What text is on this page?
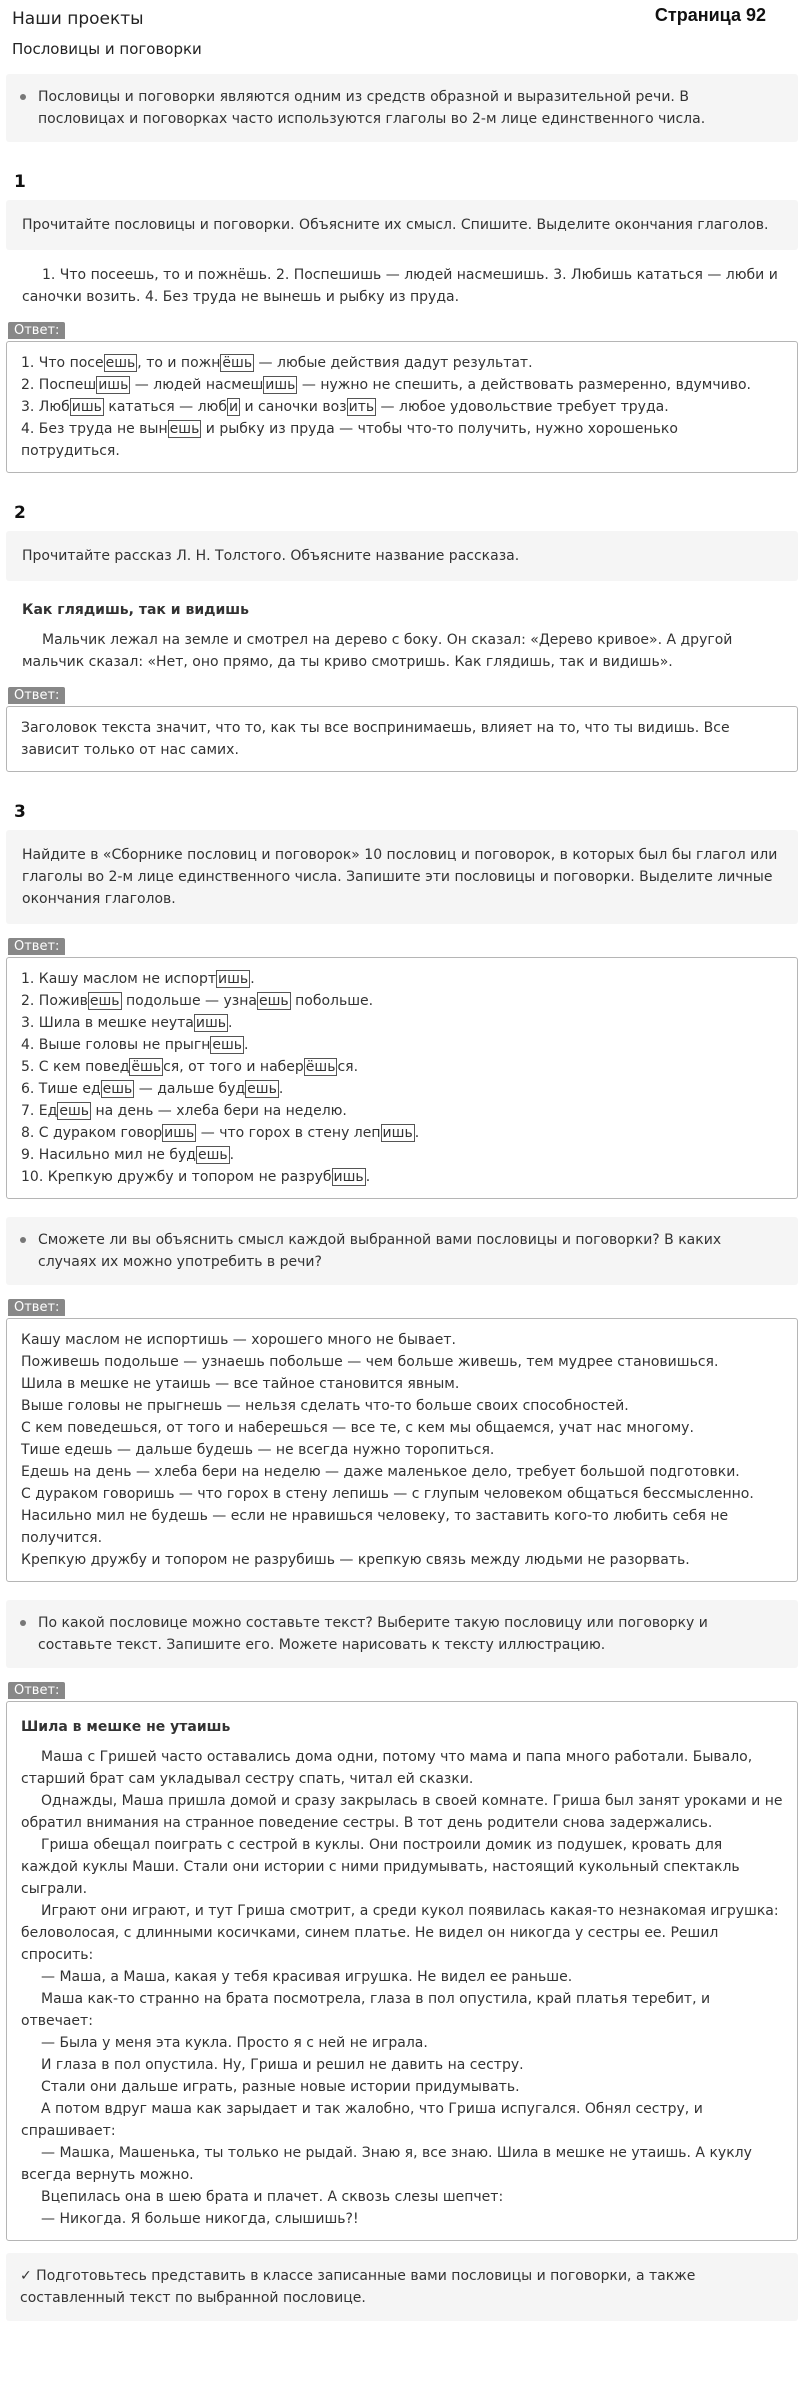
Наши проекты	Страница 92
Пословицы и поговорки
Пословицы и поговорки являются одним из средств образной и выразительной речи. В пословицах и поговорках часто используются глаголы во 2-м лице единственного числа.
1
Прочитайте пословицы и поговорки. Объясните их смысл. Спишите. Выделите окончания глаголов.

1. Что посеешь, то и пожнёшь. 2. Поспешишь — людей насмешишь. 3. Любишь кататься — люби и саночки возить. 4. Без труда не вынешь и рыбку из пруда.

Ответ:
1. Что посе ешь , то и пожн ёшь — любые действия дадут результат.
2. Поспеш ишь — людей насмеш ишь — нужно не спешить, а действовать размеренно, вдумчиво.
3. Люб ишь кататься — люб и и саночки воз ить — любое удовольствие требует труда.
4. Без труда не вын ешь и рыбку из пруда — чтобы что-то получить, нужно хорошенько
потрудиться.
2
Прочитайте рассказ Л. Н. Толстого. Объясните название рассказа.
Как глядишь, так и видишь

Мальчик лежал на земле и смотрел на дерево с боку. Он сказал: «Дерево кривое». А другой мальчик сказал: «Нет, оно прямо, да ты криво смотришь. Как глядишь, так и видишь».

Ответ:
Заголовок текста значит, что то, как ты все воспринимаешь, влияет на то, что ты видишь. Все зависит только от нас самих.
3
Найдите в «Сборнике пословиц и поговорок» 10 пословиц и поговорок, в которых был бы глагол или глаголы во 2-м лице единственного числа. Запишите эти пословицы и поговорки. Выделите личные окончания глаголов.
Ответ:
1. Кашу маслом не испорт ишь .
2. Пожив ешь подольше — узна ешь побольше.
3. Шила в мешке неута ишь .
4. Выше головы не прыгн ешь .
5. С кем повед ёшь ся, от того и набер ёшь ся.
6. Тише ед ешь — дальше буд ешь .
7. Ед ешь на день — хлеба бери на неделю.
8. С дураком говор ишь — что горох в стену леп ишь .
9. Насильно мил не буд ешь .
10. Крепкую дружбу и топором не разруб ишь .
Сможете ли вы объяснить смысл каждой выбранной вами пословицы и поговорки? В каких случаях их можно употребить в речи?
Ответ:
Кашу маслом не испортишь — хорошего много не бывает.
Поживешь подольше — узнаешь побольше — чем больше живешь, тем мудрее становишься.
Шила в мешке не утаишь — все тайное становится явным.
Выше головы не прыгнешь — нельзя сделать что-то больше своих способностей.
С кем поведешься, от того и наберешься — все те, с кем мы общаемся, учат нас многому.
Тише едешь — дальше будешь — не всегда нужно торопиться.
Едешь на день — хлеба бери на неделю — даже маленькое дело, требует большой подготовки.
С дураком говоришь — что горох в стену лепишь — с глупым человеком общаться бессмысленно.
Насильно мил не будешь — если не нравишься человеку, то заставить кого-то любить себя не
получится.
Крепкую дружбу и топором не разрубишь — крепкую связь между людьми не разорвать.
По какой пословице можно составьте текст? Выберите такую пословицу или поговорку и составьте текст. Запишите его. Можете нарисовать к тексту иллюстрацию.
Ответ:
Шила в мешке не утаишь

Маша с Гришей часто оставались дома одни, потому что мама и папа много работали. Бывало, старший брат сам укладывал сестру спать, читал ей сказки.

Однажды, Маша пришла домой и сразу закрылась в своей комнате. Гриша был занят уроками и не обратил внимания на странное поведение сестры. В тот день родители снова задержались.

Гриша обещал поиграть с сестрой в куклы. Они построили домик из подушек, кровать для каждой куклы Маши. Стали они истории с ними придумывать, настоящий кукольный спектакль сыграли.

Играют они играют, и тут Гриша смотрит, а среди кукол появилась какая-то незнакомая игрушка: беловолосая, с длинными косичками, синем платье. Не видел он никогда у сестры ее. Решил спросить:

— Маша, а Маша, какая у тебя красивая игрушка. Не видел ее раньше.

Маша как-то странно на брата посмотрела, глаза в пол опустила, край платья теребит, и отвечает:

— Была у меня эта кукла. Просто я с ней не играла.

И глаза в пол опустила. Ну, Гриша и решил не давить на сестру.

Стали они дальше играть, разные новые истории придумывать.

А потом вдруг маша как зарыдает и так жалобно, что Гриша испугался. Обнял сестру, и спрашивает:

— Машка, Машенька, ты только не рыдай. Знаю я, все знаю. Шила в мешке не утаишь. А куклу всегда вернуть можно.

Вцепилась она в шею брата и плачет. А сквозь слезы шепчет:

— Никогда. Я больше никогда, слышишь?!

✓ Подготовьтесь представить в классе записанные вами пословицы и поговорки, а также составленный текст по выбранной пословице.
